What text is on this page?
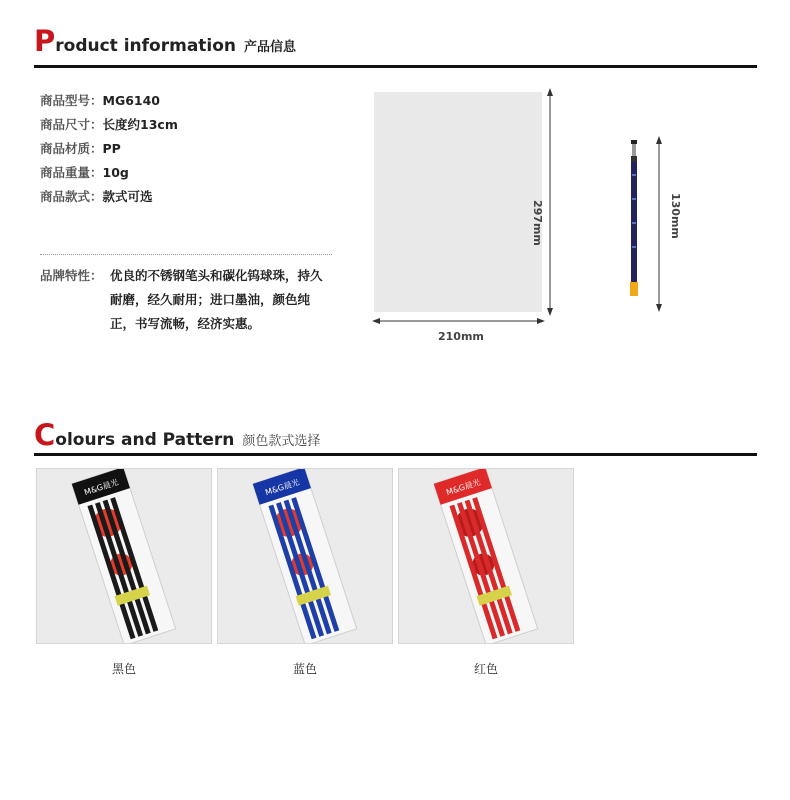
P roduct information 产品信息
商品型号：MG6140
商品尺寸：长度约13cm
商品材质：PP
商品重量：10g
商品款式：款式可选
品牌特性： 优良的不锈钢笔头和碳化钨球珠，持久耐磨，经久耐用；进口墨油，颜色纯正，书写流畅，经济实惠。
297mm
210mm
130mm
C olours and Pattern 颜色款式选择
M&G晨光	M&G晨光	M&G晨光
黑色	蓝色	红色
